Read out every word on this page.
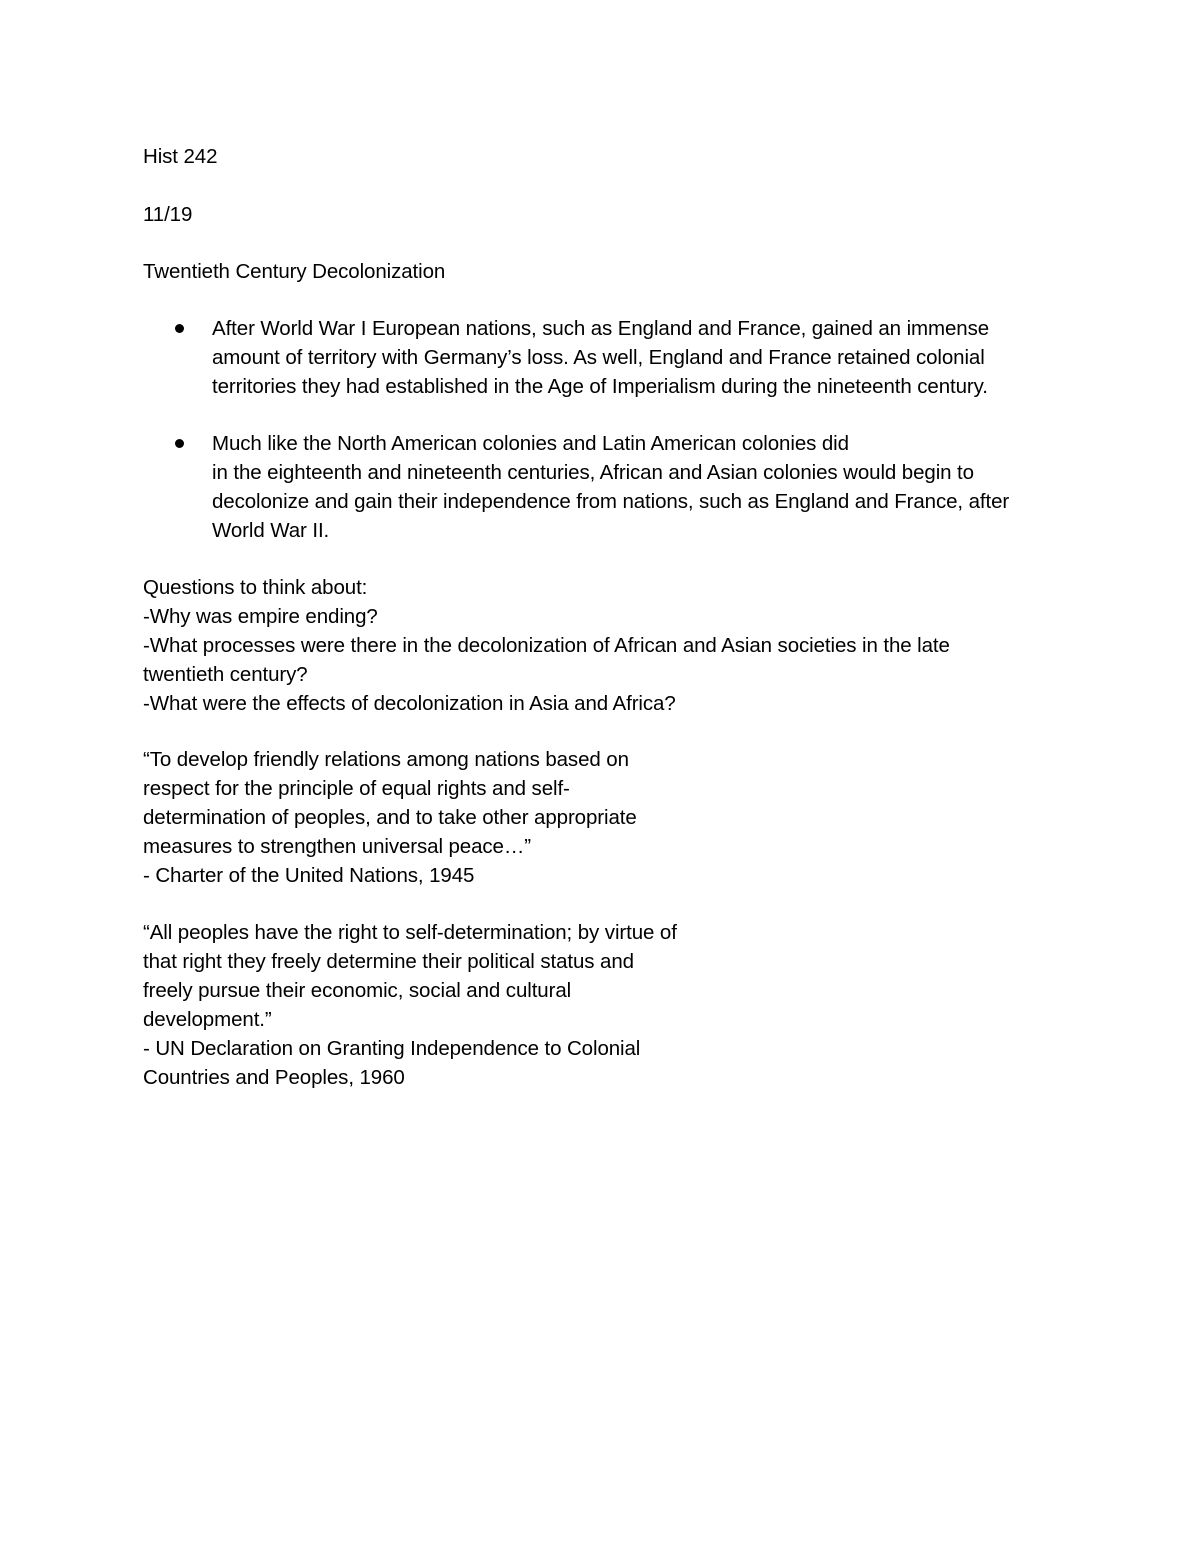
Hist 242
11/19
Twentieth Century Decolonization
After World War I European nations, such as England and France, gained an immense
amount of territory with Germany’s loss. As well, England and France retained colonial
territories they had established in the Age of Imperialism during the nineteenth century.
Much like the North American colonies and Latin American colonies did
in the eighteenth and nineteenth centuries, African and Asian colonies would begin to
decolonize and gain their independence from nations, such as England and France, after
World War II.
Questions to think about:
-Why was empire ending?
-What processes were there in the decolonization of African and Asian societies in the late
twentieth century?
-What were the effects of decolonization in Asia and Africa?
“To develop friendly relations among nations based on
respect for the principle of equal rights and self-
determination of peoples, and to take other appropriate
measures to strengthen universal peace…”
- Charter of the United Nations, 1945
“All peoples have the right to self-determination; by virtue of
that right they freely determine their political status and
freely pursue their economic, social and cultural
development.”
- UN Declaration on Granting Independence to Colonial
Countries and Peoples, 1960
